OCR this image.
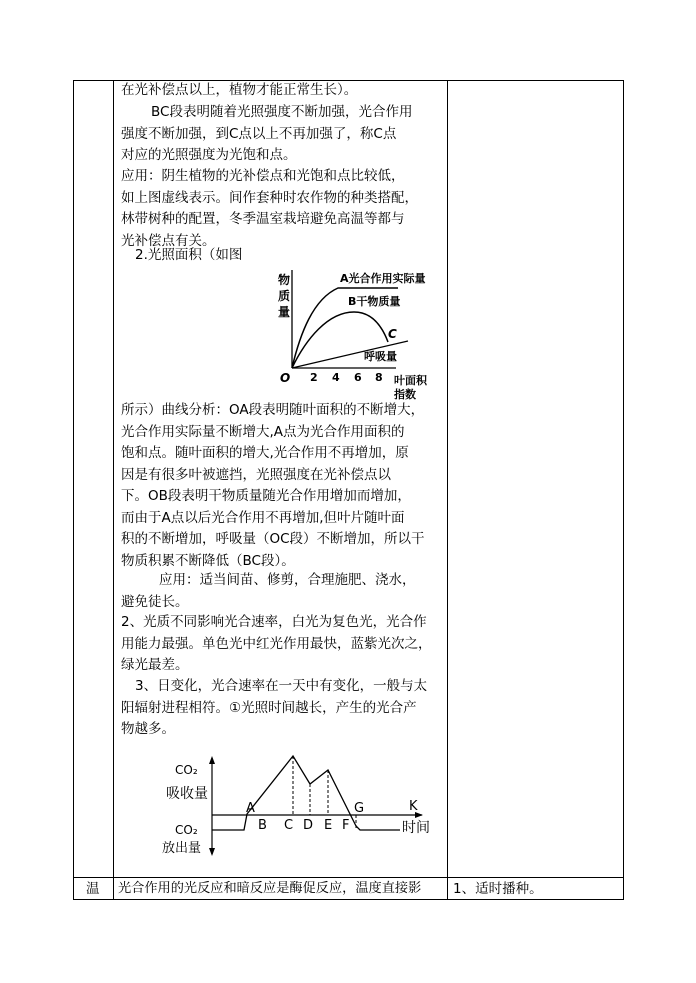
温 光合作用的光反应和暗反应是酶促反应，温度直接影 1、适时播种。
在光补偿点以上，植物才能正常生长）。
BC段表明随着光照强度不断加强，光合作用
强度不断加强，到C点以上不再加强了，称C点
对应的光照强度为光饱和点。
应用：阴生植物的光补偿点和光饱和点比较低，
如上图虚线表示。间作套种时农作物的种类搭配，
林带树种的配置，冬季温室栽培避免高温等都与
光补偿点有关。
2.光照面积（如图
物
质
量
O 2 4 6 8 叶面积
指数
A光合作用实际量
B干物质量
C
呼吸量
所示）曲线分析：OA段表明随叶面积的不断增大，
光合作用实际量不断增大,A点为光合作用面积的
饱和点。随叶面积的增大,光合作用不再增加，原
因是有很多叶被遮挡，光照强度在光补偿点以
下。OB段表明干物质量随光合作用增加而增加，
而由于A点以后光合作用不再增加,但叶片随叶面
积的不断增加，呼吸量（OC段）不断增加，所以干
物质积累不断降低（BC段）。
应用：适当间苗、修剪，合理施肥、浇水，
避免徒长。
2、光质不同影响光合速率，白光为复色光，光合作
用能力最强。单色光中红光作用最快，蓝紫光次之，
绿光最差。
3、日变化，光合速率在一天中有变化，一般与太
阳辐射进程相符。①光照时间越长，产生的光合产
物越多。
CO₂
吸收量
CO₂
放出量
A
B C D E F
G	K
时间
